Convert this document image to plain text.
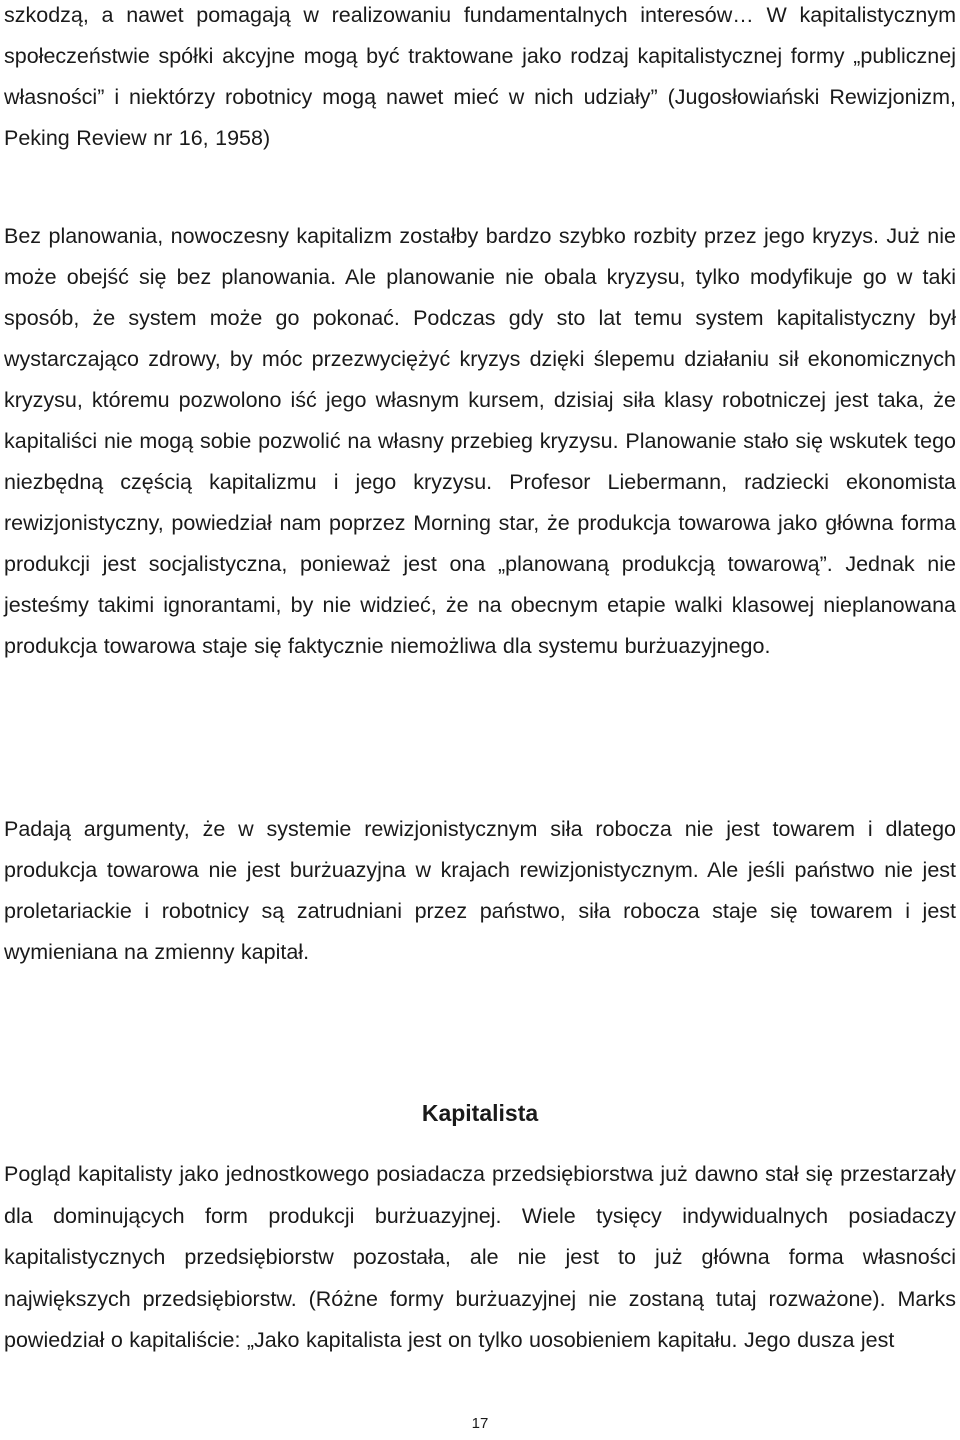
szkodzą, a nawet pomagają w realizowaniu fundamentalnych interesów… W kapitalistycznym społeczeństwie spółki akcyjne mogą być traktowane jako rodzaj kapitalistycznej formy „publicznej własności” i niektórzy robotnicy mogą nawet mieć w nich udziały” (Jugosłowiański Rewizjonizm, Peking Review nr 16, 1958)

Bez planowania, nowoczesny kapitalizm zostałby bardzo szybko rozbity przez jego kryzys. Już nie może obejść się bez planowania. Ale planowanie nie obala kryzysu, tylko modyfikuje go w taki sposób, że system może go pokonać. Podczas gdy sto lat temu system kapitalistyczny był wystarczająco zdrowy, by móc przezwyciężyć kryzys dzięki ślepemu działaniu sił ekonomicznych kryzysu, któremu pozwolono iść jego własnym kursem, dzisiaj siła klasy robotniczej jest taka, że kapitaliści nie mogą sobie pozwolić na własny przebieg kryzysu. Planowanie stało się wskutek tego niezbędną częścią kapitalizmu i jego kryzysu. Profesor Liebermann, radziecki ekonomista rewizjonistyczny, powiedział nam poprzez Morning star, że produkcja towarowa jako główna forma produkcji jest socjalistyczna, ponieważ jest ona „planowaną produkcją towarową”. Jednak nie jesteśmy takimi ignorantami, by nie widzieć, że na obecnym etapie walki klasowej nieplanowana produkcja towarowa staje się faktycznie niemożliwa dla systemu burżuazyjnego.

Padają argumenty, że w systemie rewizjonistycznym siła robocza nie jest towarem i dlatego produkcja towarowa nie jest burżuazyjna w krajach rewizjonistycznym. Ale jeśli państwo nie jest proletariackie i robotnicy są zatrudniani przez państwo, siła robocza staje się towarem i jest wymieniana na zmienny kapitał.

Kapitalista

Pogląd kapitalisty jako jednostkowego posiadacza przedsiębiorstwa już dawno stał się przestarzały dla dominujących form produkcji burżuazyjnej. Wiele tysięcy indywidualnych posiadaczy kapitalistycznych przedsiębiorstw pozostała, ale nie jest to już główna forma własności największych przedsiębiorstw. (Różne formy burżuazyjnej nie zostaną tutaj rozważone). Marks powiedział o kapitaliście: „Jako kapitalista jest on tylko uosobieniem kapitału. Jego dusza jest

17
